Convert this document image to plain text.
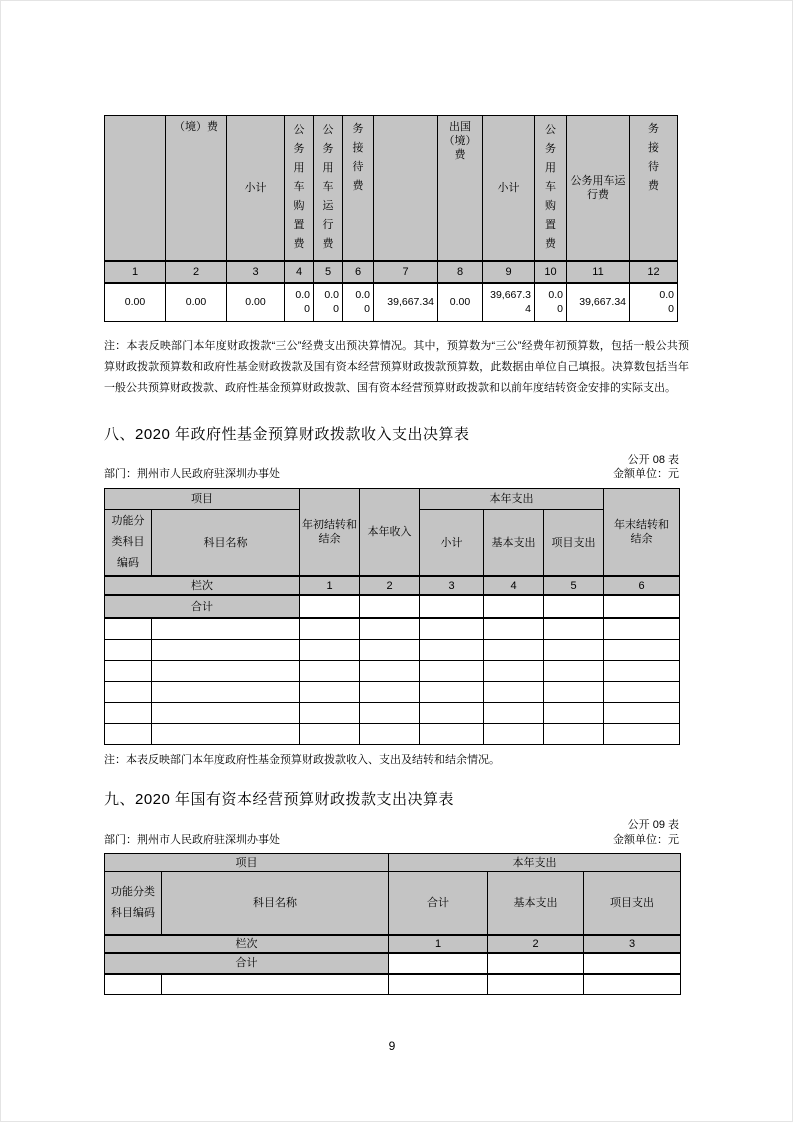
	（境）费	小计	公务用车购置费	公务用车运行费	务接待费		出国（境）费	小计	公务用车购置费	公务用车运行费	务接待费
1	2	3	4	5	6	7	8	9	10	11	12
0.00	0.00	0.00	0.00	0.00	0.00	39,667.34	0.00	39,667.34	0.00	39,667.34	0.00
注：本表反映部门本年度财政拨款“三公”经费支出预决算情况。其中，预算数为“三公”经费年初预算数，包括一般公共预算财政拨款预算数和政府性基金财政拨款及国有资本经营预算财政拨款预算数，此数据由单位自己填报。决算数包括当年一般公共预算财政拨款、政府性基金预算财政拨款、国有资本经营预算财政拨款和以前年度结转资金安排的实际支出。
八、2020 年政府性基金预算财政拨款收入支出决算表
公开 08 表
部门：荆州市人民政府驻深圳办事处	金额单位：元
项目		年初结转和结余	本年收入	本年支出			年末结转和结余
功能分类科目编码	科目名称			小计	基本支出	项目支出	
栏次		1	2	3	4	5	6
合计							

注：本表反映部门本年度政府性基金预算财政拨款收入、支出及结转和结余情况。
九、2020 年国有资本经营预算财政拨款支出决算表
公开 09 表
部门：荆州市人民政府驻深圳办事处	金额单位：元
项目		本年支出		
功能分类科目编码	科目名称	合计	基本支出	项目支出
栏次		1	2	3
合计				

9
